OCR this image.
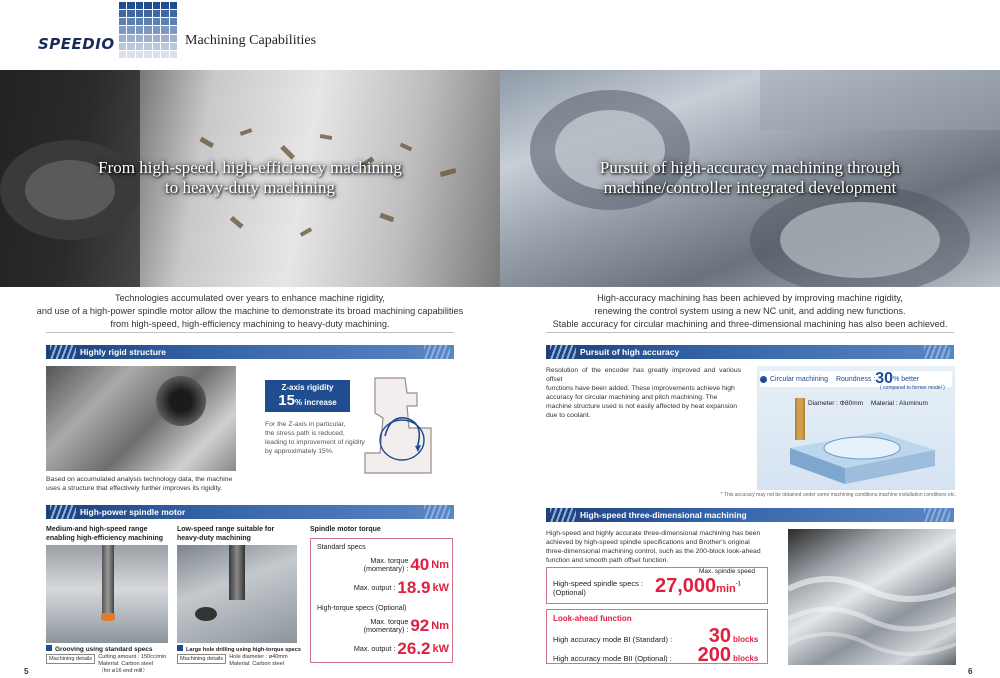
SPEEDIO	Machining Capabilities
From high-speed, high-efficiency machining
to heavy-duty machining
Pursuit of high-accuracy machining through
machine/controller integrated development
Technologies accumulated over years to enhance machine rigidity,
and use of a high-power spindle motor allow the machine to demonstrate its broad machining capabilities
from high-speed, high-efficiency machining to heavy-duty machining.
High-accuracy machining has been achieved by improving machine rigidity,
renewing the control system using a new NC unit, and adding new functions.
Stable accuracy for circular machining and three-dimensional machining has also been achieved.
Highly rigid structure
Z-axis rigidity
15% increase
For the Z-axis in particular,
the stress path is reduced,
leading to improvement of rigidity
by approximately 15%.
Based on accumulated analysis technology data, the machine
uses a structure that effectively further improves its rigidity.
High-power spindle motor
Medium-and high-speed range
enabling high-efficiency machining
Low-speed range suitable for
heavy-duty machining
Spindle motor torque
Grooving using standard specs
Machining details	Cutting amount : 150cc/min
Material: Carbon steel
（for ø16 end mill）
Large hole drilling using high-torque specs
Machining details	Hole diameter : ø40mm
Material: Carbon steel
Standard specs
Max. torque
(momentary) : 40 Nm
Max. output : 18.9 kW
High-torque specs (Optional)
Max. torque
(momentary) : 92 Nm
Max. output : 26.2 kW
Pursuit of high accuracy
Resolution of the encoder has greatly improved and various offset
functions have been added. These improvements achieve high
accuracy for circular machining and pitch machining. The
machine structure used is not easily affected by heat expansion
due to coolant.
Circular machining Roundness : 30 % better
( compared to former model )
Diameter : Φ80mm Material : Aluminum
* This accuracy may not be obtained under some machining conditions,machine installation conditions etc.
High-speed three-dimensional machining
High-speed and highly accurate three-dimensional machining has been
achieved by high-speed spindle specifications and Brother's original
three-dimensional machining control, such as the 200-block look-ahead
function and smooth path offset function.
Max. spindle speed
High-speed spindle specs :
(Optional)	$27,000\min^{-1}$
Look-ahead function
High accuracy mode BI (Standard) :	30 blocks
High accuracy mode BII (Optional) :	200 blocks
5	6
